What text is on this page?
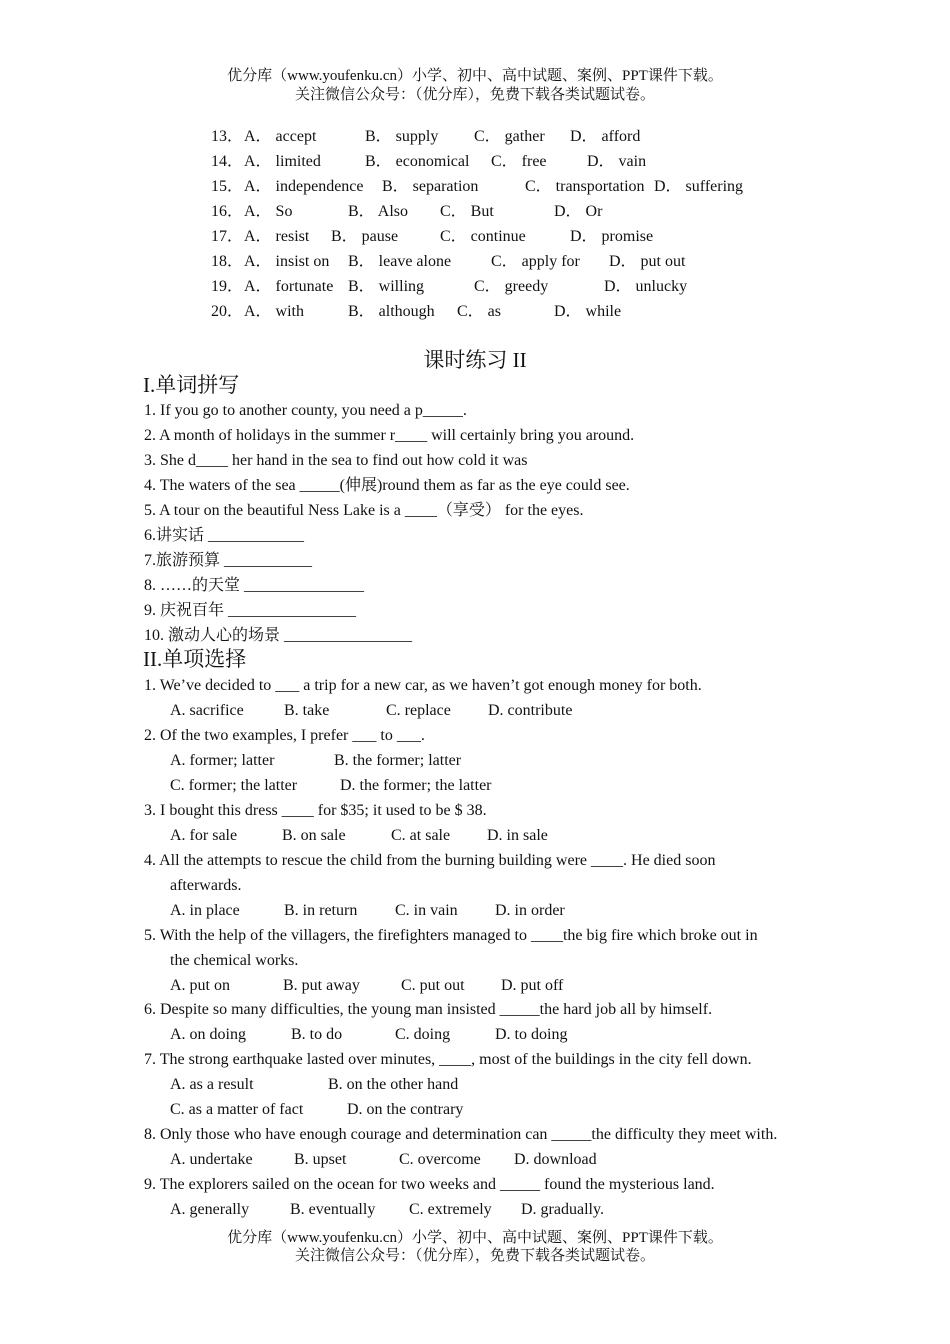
优分库（www.youfenku.cn）小学、初中、高中试题、案例、PPT课件下载。
关注微信公众号：（优分库），免费下载各类试题试卷。
13． A． accept	B． supply C． gather D． afford
14． A． limited	B． economical C． free	D． vain
15． A． independence B． separation	C． transportation D． suffering
16． A． So	B． Also C． But	D． Or
17． A． resist B． pause	C． continue	D． promise
18． A． insist on B． leave alone C． apply for D． put out
19． A． fortunate B． willing	C． greedy	D． unlucky
20． A． with	B． although C． as	D． while
课时练习 II
I.单词拼写
1. If you go to another county, you need a p_____.
2. A month of holidays in the summer r____ will certainly bring you around.
3. She d____ her hand in the sea to find out how cold it was
4. The waters of the sea _____(伸展)round them as far as the eye could see.
5. A tour on the beautiful Ness Lake is a ____（享受） for the eyes.
6.讲实话 ____________
7.旅游预算 ___________
8. ……的天堂 _______________
9. 庆祝百年 ________________
10. 激动人心的场景 ________________
II.单项选择
1. We’ve decided to ___ a trip for a new car, as we haven’t got enough money for both.
A. sacrifice	B. take	C. replace D. contribute
2. Of the two examples, I prefer ___ to ___.
A. former; latter	B. the former; latter
C. former; the latter	D. the former; the latter
3. I bought this dress ____ for $35; it used to be $ 38.
A. for sale	B. on sale	C. at sale D. in sale
4. All the attempts to rescue the child from the burning building were ____. He died soon
afterwards.
A. in place	B. in return C. in vain D. in order
5. With the help of the villagers, the firefighters managed to ____the big fire which broke out in
the chemical works.
A. put on	B. put away	C. put out D. put off
6. Despite so many difficulties, the young man insisted _____the hard job all by himself.
A. on doing	B. to do	C. doing	D. to doing
7. The strong earthquake lasted over minutes, ____, most of the buildings in the city fell down.
A. as a result	B. on the other hand
C. as a matter of fact	D. on the contrary
8. Only those who have enough courage and determination can _____the difficulty they meet with.
A. undertake	B. upset	C. overcome D. download
9. The explorers sailed on the ocean for two weeks and _____ found the mysterious land.
A. generally	B. eventually C. extremely D. gradually.
优分库（www.youfenku.cn）小学、初中、高中试题、案例、PPT课件下载。
关注微信公众号：（优分库），免费下载各类试题试卷。
